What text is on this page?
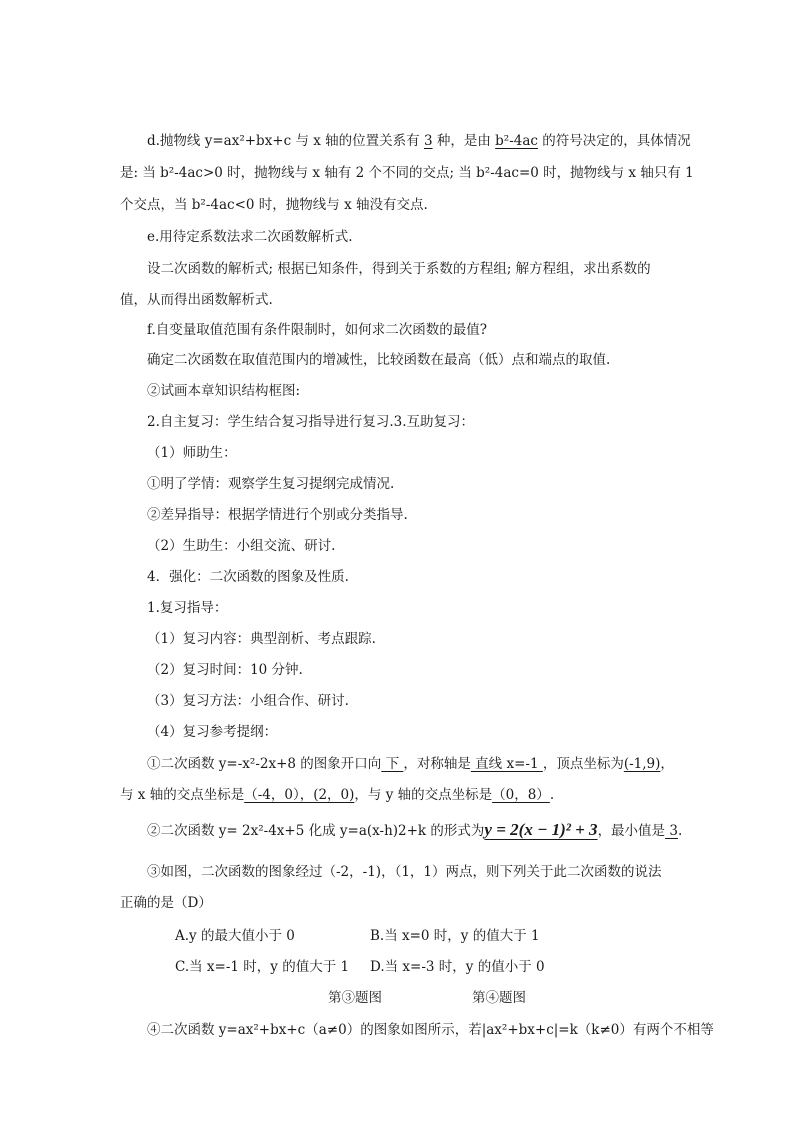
d.抛物线 y=ax²+bx+c 与 x 轴的位置关系有 3 种，是由 b²-4ac 的符号决定的，具体情况
是: 当 b²-4ac>0 时，抛物线与 x 轴有 2 个不同的交点; 当 b²-4ac=0 时，抛物线与 x 轴只有 1
个交点，当 b²-4ac<0 时，抛物线与 x 轴没有交点.
e.用待定系数法求二次函数解析式.
设二次函数的解析式; 根据已知条件，得到关于系数的方程组; 解方程组，求出系数的
值，从而得出函数解析式.
f.自变量取值范围有条件限制时，如何求二次函数的最值?
确定二次函数在取值范围内的增减性，比较函数在最高（低）点和端点的取值.
②试画本章知识结构框图:
2.自主复习：学生结合复习指导进行复习.3.互助复习：
（1）师助生：
①明了学情：观察学生复习提纲完成情况.
②差异指导：根据学情进行个别或分类指导.
（2）生助生：小组交流、研讨.
4．强化：二次函数的图象及性质.
1.复习指导：
（1）复习内容：典型剖析、考点跟踪.
（2）复习时间：10 分钟.
（3）复习方法：小组合作、研讨.
（4）复习参考提纲：
①二次函数 y=-x²-2x+8 的图象开口向 下 ，对称轴是 直线 x=-1 ，顶点坐标为(-1,9)，
与 x 轴的交点坐标是（-4，0），(2，0)，与 y 轴的交点坐标是（0，8）.
②二次函数 y= 2x²-4x+5 化成 y=a(x-h)2+k 的形式为y = 2(x − 1)² + 3，最小值是 3.
③如图，二次函数的图象经过（-2，-1)，（1，1）两点，则下列关于此二次函数的说法
正确的是（D）
A.y 的最大值小于 0	B.当 x=0 时，y 的值大于 1
C.当 x=-1 时，y 的值大于 1	D.当 x=-3 时，y 的值小于 0
第③题图	第④题图
④二次函数 y=ax²+bx+c（a≠0）的图象如图所示，若|ax²+bx+c|=k（k≠0）有两个不相等
